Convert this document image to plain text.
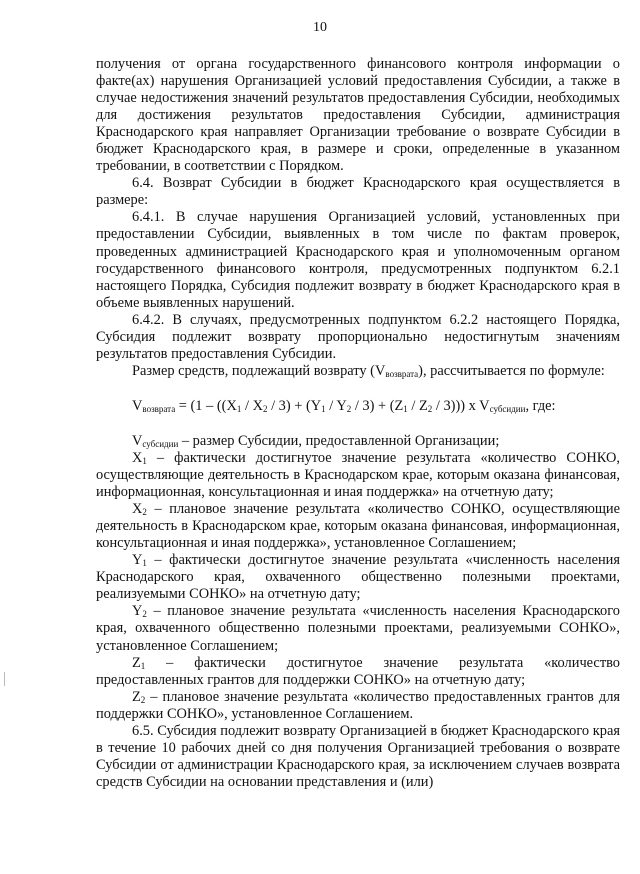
10

получения от органа государственного финансового контроля информации о факте(ах) нарушения Организацией условий предоставления Субсидии, а также в случае недостижения значений результатов предоставления Субсидии, необходимых для достижения результатов предоставления Субсидии, администрация Краснодарского края направляет Организации требование о возврате Субсидии в бюджет Краснодарского края, в размере и сроки, определенные в указанном требовании, в соответствии с Порядком.

6.4. Возврат Субсидии в бюджет Краснодарского края осуществляется в размере:

6.4.1. В случае нарушения Организацией условий, установленных при предоставлении Субсидии, выявленных в том числе по фактам проверок, проведенных администрацией Краснодарского края и уполномоченным органом государственного финансового контроля, предусмотренных подпунктом 6.2.1 настоящего Порядка, Субсидия подлежит возврату в бюджет Краснодарского края в объеме выявленных нарушений.

6.4.2. В случаях, предусмотренных подпунктом 6.2.2 настоящего Порядка, Субсидия подлежит возврату пропорционально недостигнутым значениям результатов предоставления Субсидии.

Размер средств, подлежащий возврату $(V_{возврата})$, рассчитывается по формуле:

$V_{возврата} = (1 - ((X_1 / X_2 / 3) + (Y_1 / Y_2 / 3) + (Z_1 / Z_2 / 3)))$ x $V_{субсидии}$, где:

$V_{субсидии}$ – размер Субсидии, предоставленной Организации;

$X_1$ – фактически достигнутое значение результата «количество СОНКО, осуществляющие деятельность в Краснодарском крае, которым оказана финансовая, информационная, консультационная и иная поддержка» на отчетную дату;

$X_2$ – плановое значение результата «количество СОНКО, осуществляющие деятельность в Краснодарском крае, которым оказана финансовая, информационная, консультационная и иная поддержка», установленное Соглашением;

$Y_1$ – фактически достигнутое значение результата «численность населения Краснодарского края, охваченного общественно полезными проектами, реализуемыми СОНКО» на отчетную дату;

$Y_2$ – плановое значение результата «численность населения Краснодарского края, охваченного общественно полезными проектами, реализуемыми СОНКО», установленное Соглашением;

$Z_1$ – фактически достигнутое значение результата «количество предоставленных грантов для поддержки СОНКО» на отчетную дату;

$Z_2$ – плановое значение результата «количество предоставленных грантов для поддержки СОНКО», установленное Соглашением.

6.5. Субсидия подлежит возврату Организацией в бюджет Краснодарского края в течение 10 рабочих дней со дня получения Организацией требования о возврате Субсидии от администрации Краснодарского края, за исключением случаев возврата средств Субсидии на основании представления и (или)
